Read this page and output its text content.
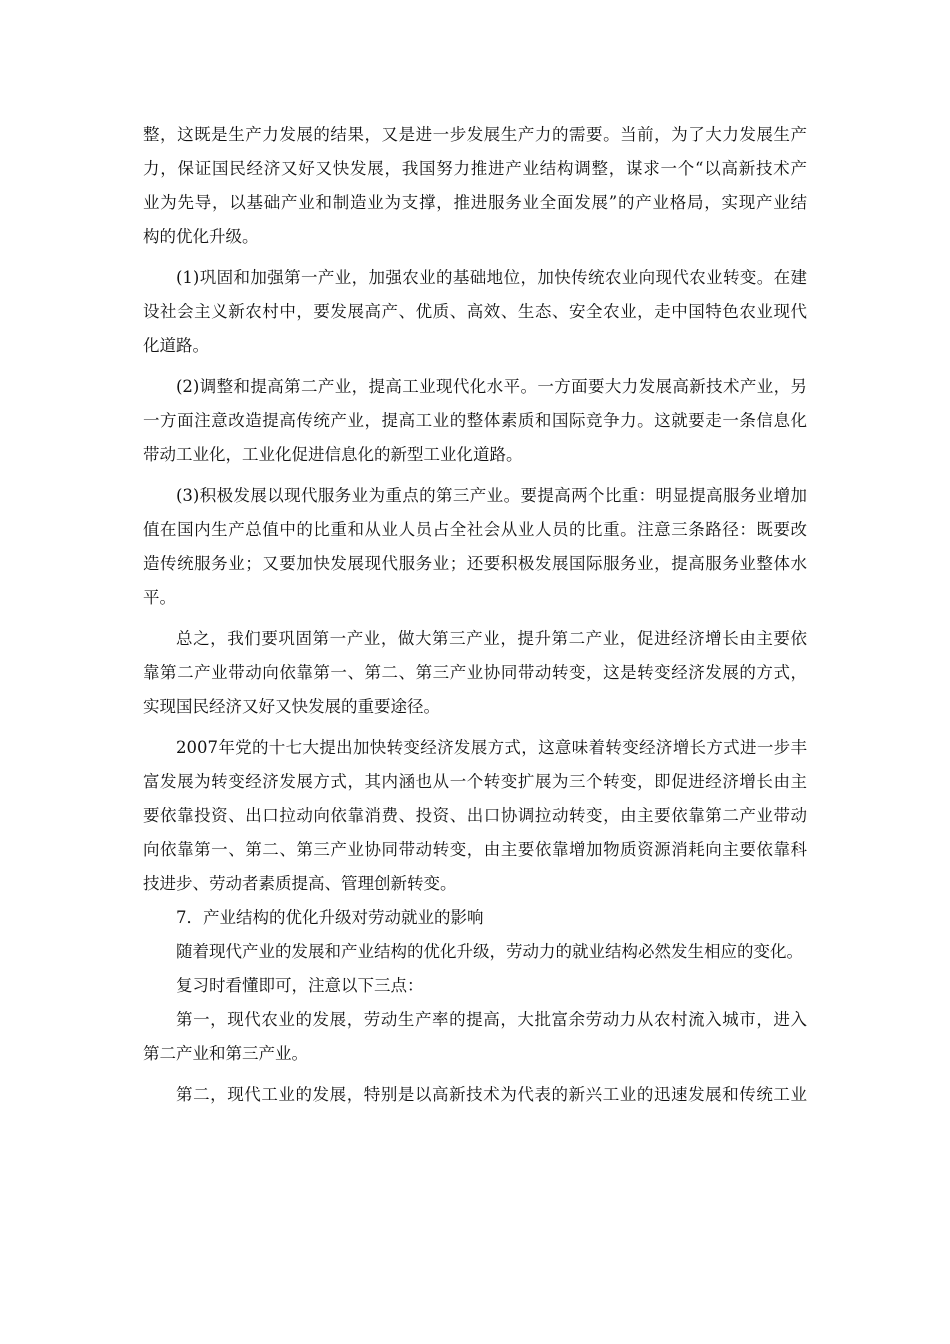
整，这既是生产力发展的结果，又是进一步发展生产力的需要。当前，为了大力发展生产
力，保证国民经济又好又快发展，我国努力推进产业结构调整，谋求一个“以高新技术产
业为先导，以基础产业和制造业为支撑，推进服务业全面发展”的产业格局，实现产业结
构的优化升级。
(1)巩固和加强第一产业，加强农业的基础地位，加快传统农业向现代农业转变。在建
设社会主义新农村中，要发展高产、优质、高效、生态、安全农业，走中国特色农业现代
化道路。
(2)调整和提高第二产业，提高工业现代化水平。一方面要大力发展高新技术产业，另
一方面注意改造提高传统产业，提高工业的整体素质和国际竞争力。这就要走一条信息化
带动工业化，工业化促进信息化的新型工业化道路。
(3)积极发展以现代服务业为重点的第三产业。要提高两个比重：明显提高服务业增加
值在国内生产总值中的比重和从业人员占全社会从业人员的比重。注意三条路径：既要改
造传统服务业；又要加快发展现代服务业；还要积极发展国际服务业，提高服务业整体水
平。
总之，我们要巩固第一产业，做大第三产业，提升第二产业，促进经济增长由主要依
靠第二产业带动向依靠第一、第二、第三产业协同带动转变，这是转变经济发展的方式，
实现国民经济又好又快发展的重要途径。
2007年党的十七大提出加快转变经济发展方式，这意味着转变经济增长方式进一步丰
富发展为转变经济发展方式，其内涵也从一个转变扩展为三个转变，即促进经济增长由主
要依靠投资、出口拉动向依靠消费、投资、出口协调拉动转变，由主要依靠第二产业带动
向依靠第一、第二、第三产业协同带动转变，由主要依靠增加物质资源消耗向主要依靠科
技进步、劳动者素质提高、管理创新转变。
7．产业结构的优化升级对劳动就业的影响
随着现代产业的发展和产业结构的优化升级，劳动力的就业结构必然发生相应的变化。
复习时看懂即可，注意以下三点：
第一，现代农业的发展，劳动生产率的提高，大批富余劳动力从农村流入城市，进入
第二产业和第三产业。
第二，现代工业的发展，特别是以高新技术为代表的新兴工业的迅速发展和传统工业
